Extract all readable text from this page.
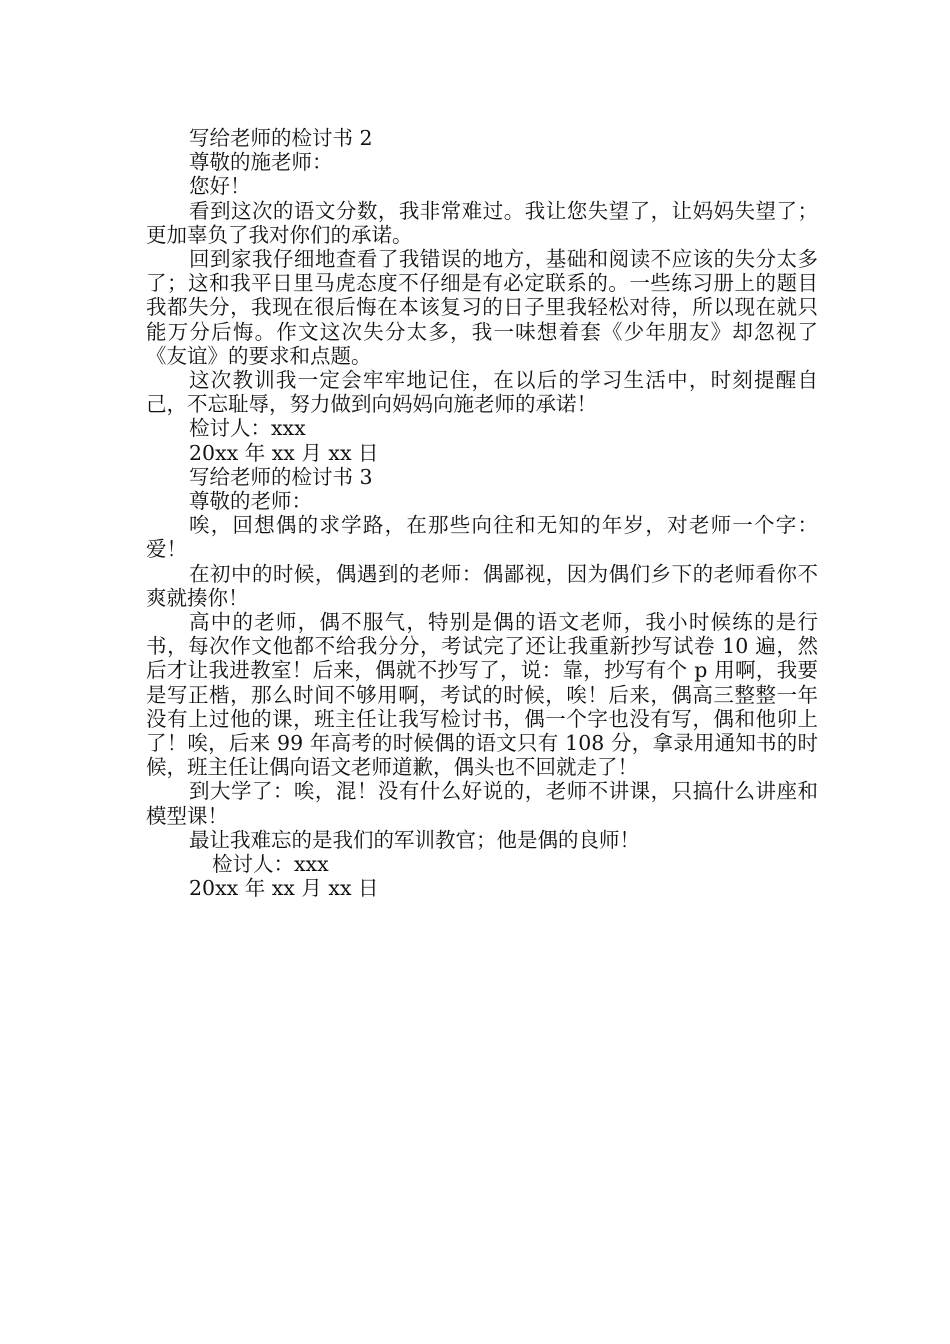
写给老师的检讨书 2

尊敬的施老师：

您好！

看到这次的语文分数，我非常难过。我让您失望了，让妈妈失望了；更加辜负了我对你们的承诺。

回到家我仔细地查看了我错误的地方，基础和阅读不应该的失分太多了；这和我平日里马虎态度不仔细是有必定联系的。一些练习册上的题目我都失分，我现在很后悔在本该复习的日子里我轻松对待，所以现在就只能万分后悔。作文这次失分太多，我一味想着套《少年朋友》却忽视了《友谊》的要求和点题。

这次教训我一定会牢牢地记住，在以后的学习生活中，时刻提醒自己，不忘耻辱，努力做到向妈妈向施老师的承诺！

检讨人：xxx

20xx 年 xx 月 xx 日

写给老师的检讨书 3

尊敬的老师：

唉，回想偶的求学路，在那些向往和无知的年岁，对老师一个字：爱！

在初中的时候，偶遇到的老师：偶鄙视，因为偶们乡下的老师看你不爽就揍你！

高中的老师，偶不服气，特别是偶的语文老师，我小时候练的是行书，每次作文他都不给我分分，考试完了还让我重新抄写试卷 10 遍，然后才让我进教室！后来，偶就不抄写了，说：靠，抄写有个 p 用啊，我要是写正楷，那么时间不够用啊，考试的时候，唉！后来，偶高三整整一年没有上过他的课，班主任让我写检讨书，偶一个字也没有写，偶和他卯上了！唉，后来 99 年高考的时候偶的语文只有 108 分，拿录用通知书的时候，班主任让偶向语文老师道歉，偶头也不回就走了！

到大学了：唉，混！没有什么好说的，老师不讲课，只搞什么讲座和模型课！

最让我难忘的是我们的军训教官；他是偶的良师！

检讨人：xxx

20xx 年 xx 月 xx 日
